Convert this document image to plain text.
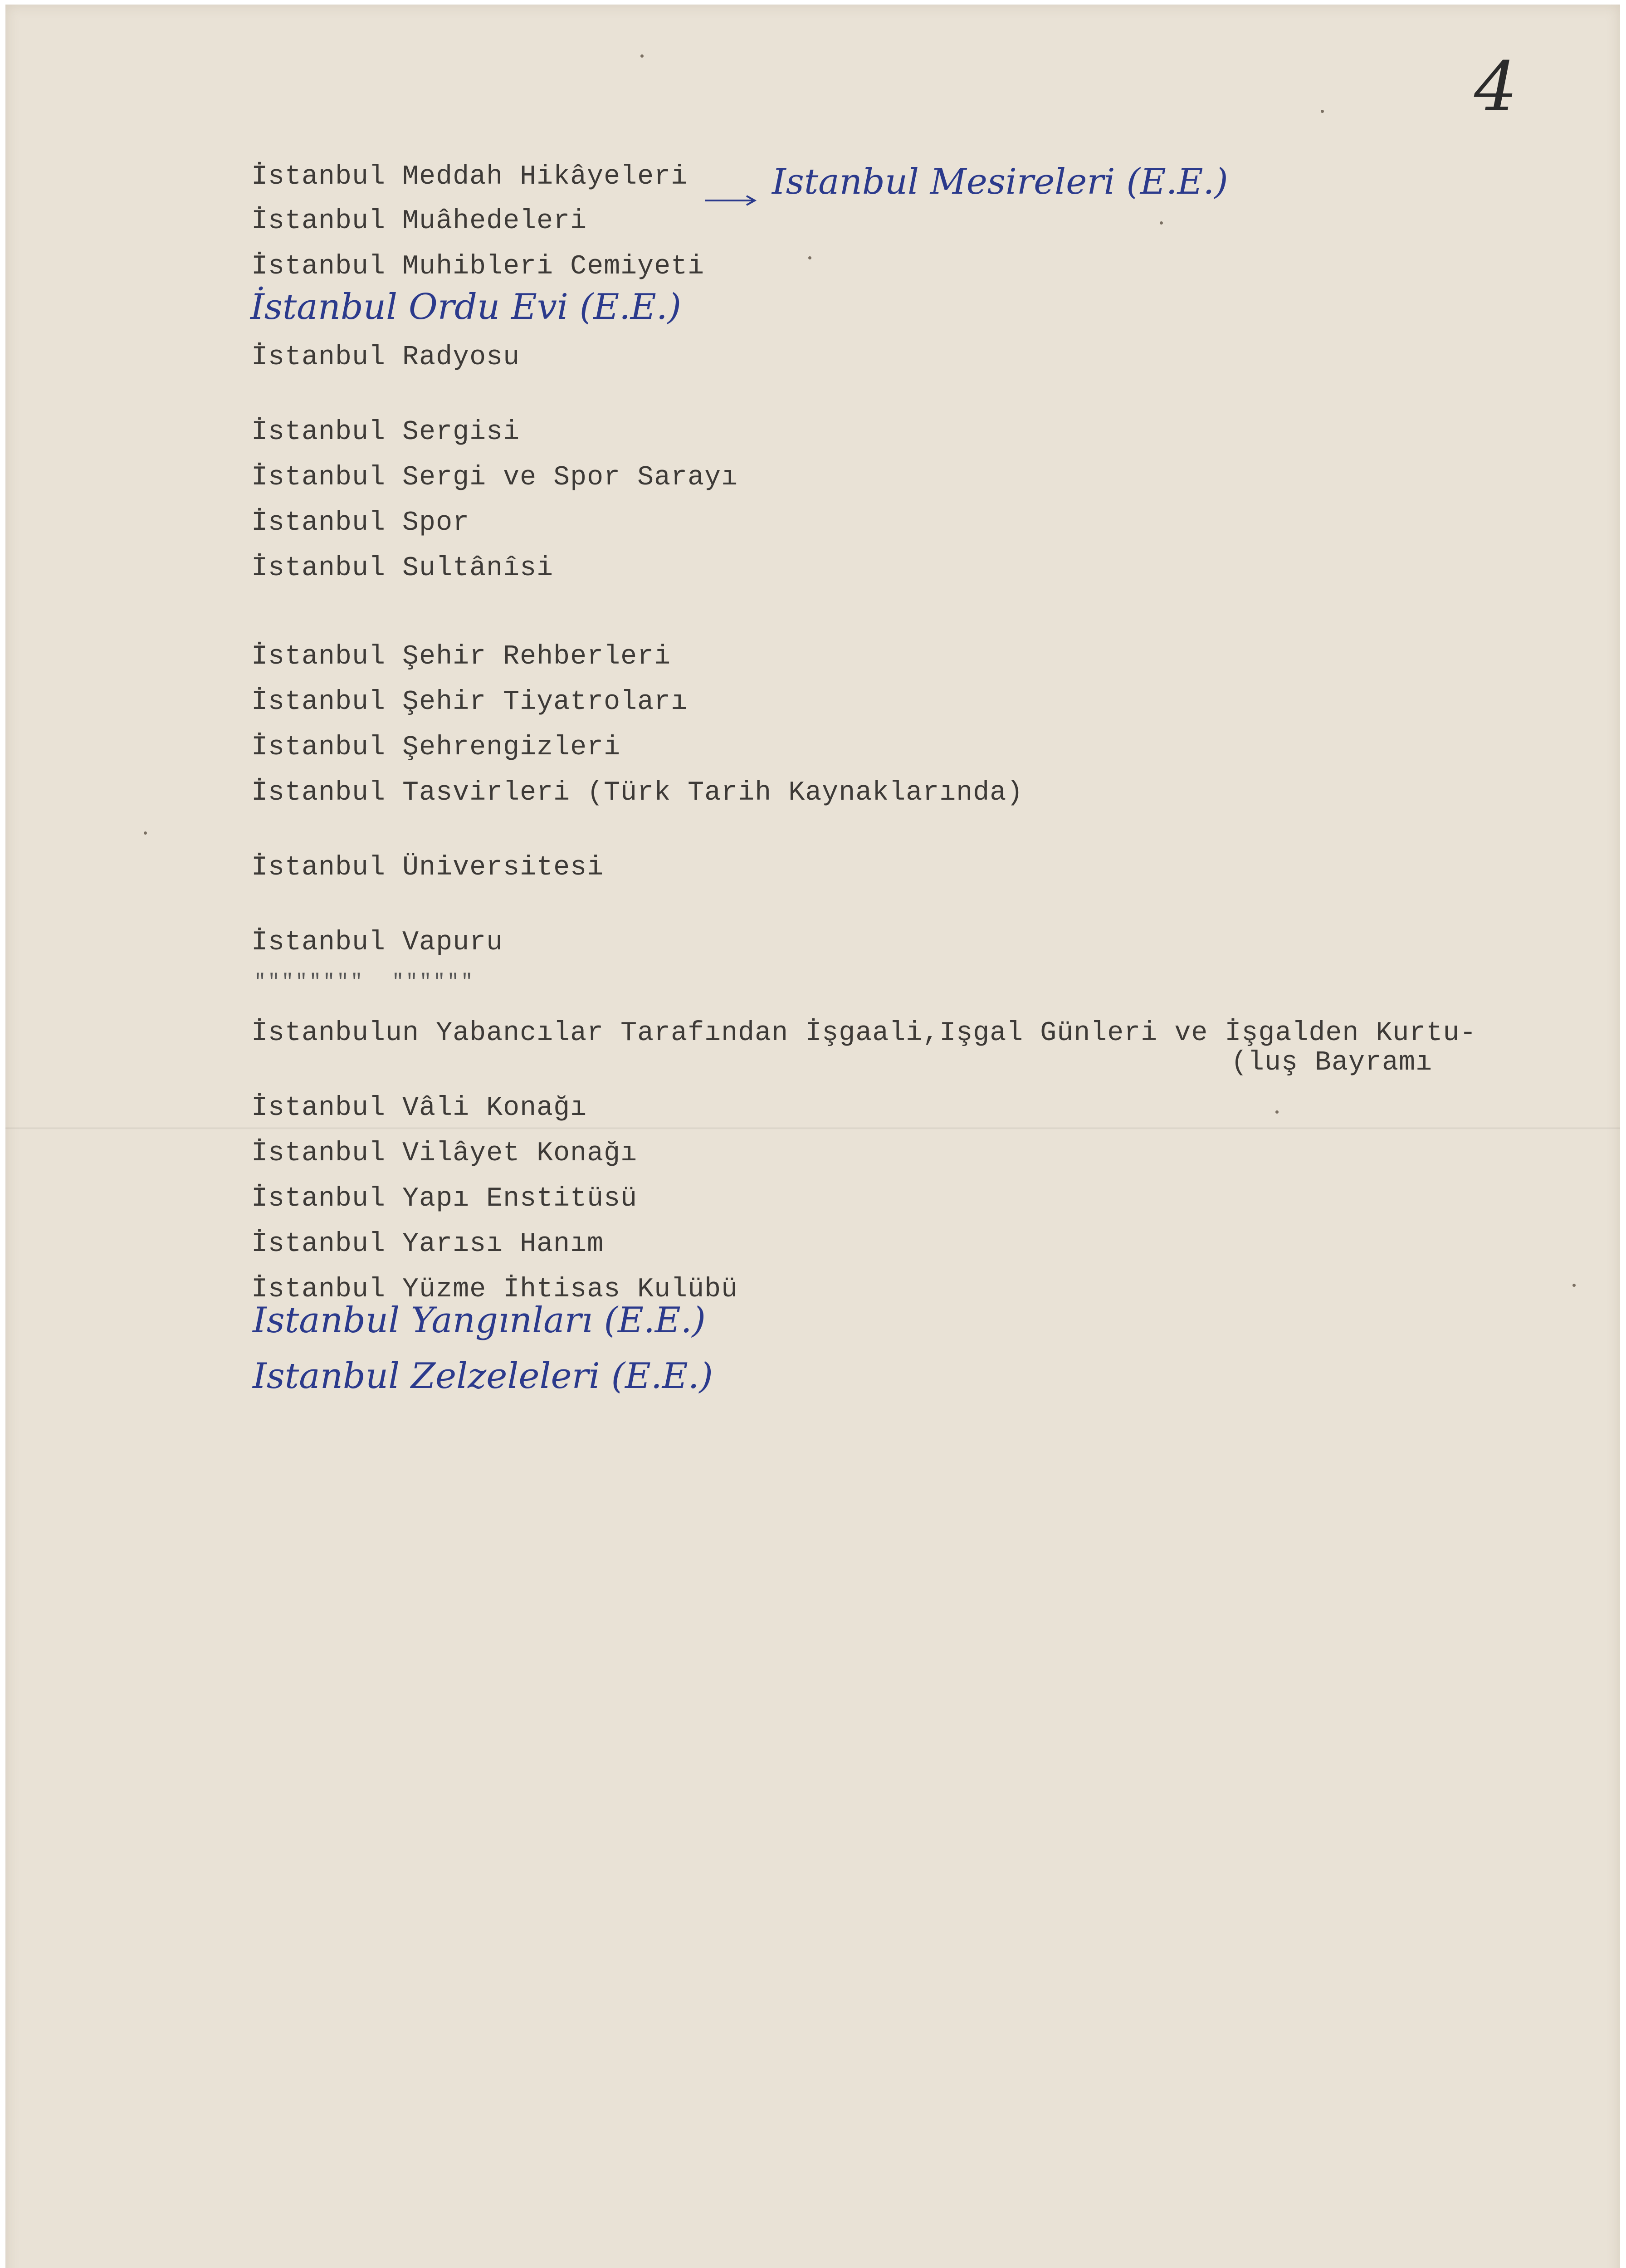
4
İstanbul Meddah Hikâyeleri
İstanbul Muâhedeleri
İstanbul Muhibleri Cemiyeti
İstanbul Radyosu
İstanbul Sergisi
İstanbul Sergi ve Spor Sarayı
İstanbul Spor
İstanbul Sultânîsi
İstanbul Şehir Rehberleri
İstanbul Şehir Tiyatroları
İstanbul Şehrengizleri
İstanbul Tasvirleri (Türk Tarih Kaynaklarında)
İstanbul Üniversitesi
İstanbul Vapuru
""""""""  """"""
İstanbulun Yabancılar Tarafından İşgaali,Işgal Günleri ve İşgalden Kurtu-
(luş Bayramı
İstanbul Vâli Konağı
İstanbul Vilâyet Konağı
İstanbul Yapı Enstitüsü
İstanbul Yarısı Hanım
İstanbul Yüzme İhtisas Kulübü
Istanbul Mesireleri (E.E.)
İstanbul Ordu Evi (E.E.)
Istanbul Yangınları (E.E.)
Istanbul Zelzeleleri (E.E.)
